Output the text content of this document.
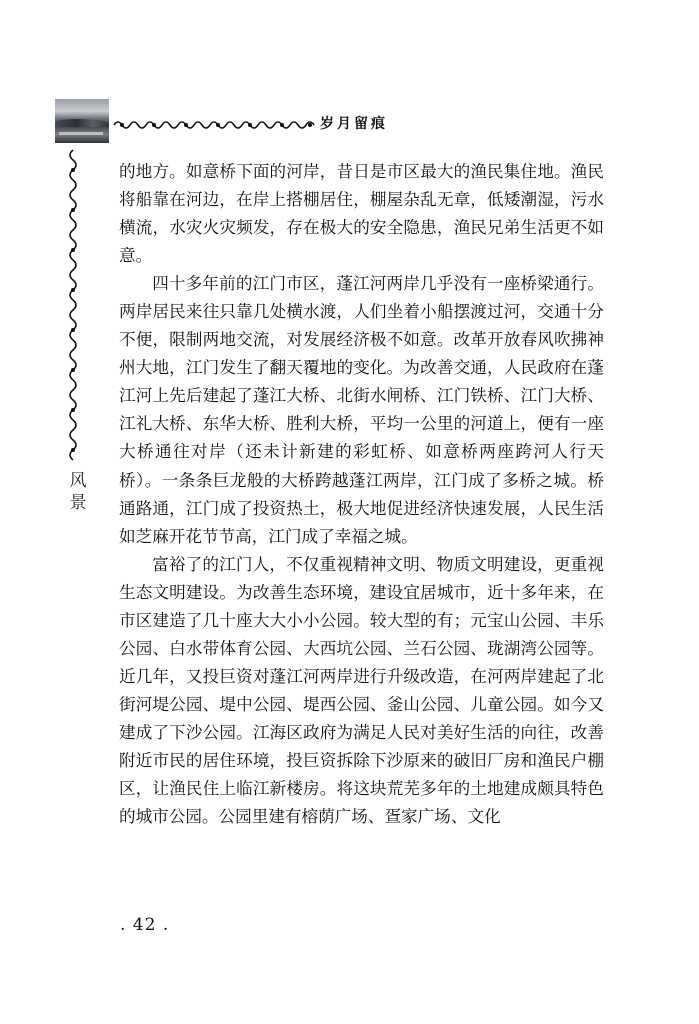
岁月留痕
风
景

的地方。如意桥下面的河岸，昔日是市区最大的渔民集住地。渔民将船靠在河边，在岸上搭棚居住，棚屋杂乱无章，低矮潮湿，污水横流，水灾火灾频发，存在极大的安全隐患，渔民兄弟生活更不如意。

四十多年前的江门市区，蓬江河两岸几乎没有一座桥梁通行。两岸居民来往只靠几处横水渡，人们坐着小船摆渡过河，交通十分不便，限制两地交流，对发展经济极不如意。改革开放春风吹拂神州大地，江门发生了翻天覆地的变化。为改善交通，人民政府在蓬江河上先后建起了蓬江大桥、北街水闸桥、江门铁桥、江门大桥、江礼大桥、东华大桥、胜利大桥，平均一公里的河道上，便有一座大桥通往对岸（还未计新建的彩虹桥、如意桥两座跨河人行天桥）。一条条巨龙般的大桥跨越蓬江两岸，江门成了多桥之城。桥通路通，江门成了投资热土，极大地促进经济快速发展，人民生活如芝麻开花节节高，江门成了幸福之城。

富裕了的江门人，不仅重视精神文明、物质文明建设，更重视生态文明建设。为改善生态环境，建设宜居城市，近十多年来，在市区建造了几十座大大小小公园。较大型的有；元宝山公园、丰乐公园、白水带体育公园、大西坑公园、兰石公园、珑湖湾公园等。近几年，又投巨资对蓬江河两岸进行升级改造，在河两岸建起了北街河堤公园、堤中公园、堤西公园、釜山公园、儿童公园。如今又建成了下沙公园。江海区政府为满足人民对美好生活的向往，改善附近市民的居住环境，投巨资拆除下沙原来的破旧厂房和渔民户棚区，让渔民住上临江新楼房。将这块荒芜多年的土地建成颇具特色的城市公园。公园里建有榕荫广场、疍家广场、文化

. 42 .
